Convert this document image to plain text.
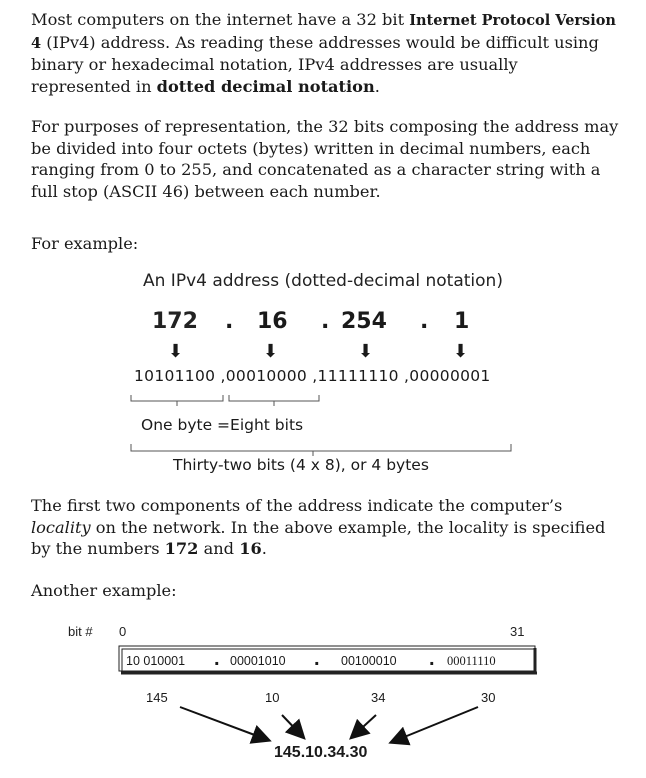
Most computers on the internet have a 32 bit Internet Protocol Version 4 (IPv4) address. As reading these addresses would be difficult using binary or hexadecimal notation, IPv4 addresses are usually represented in dotted decimal notation.

For purposes of representation, the 32 bits composing the address may be divided into four octets (bytes) written in decimal numbers, each ranging from 0 to 255, and concatenated as a character string with a full stop (ASCII 46) between each number.

For example:

An IPv4 address (dotted-decimal notation)
172 . 16 . 254 . 1
⬇	⬇	⬇	⬇
10101100 ,00010000 ,11111110 ,00000001
One byte =Eight bits
Thirty-two bits (4 x 8), or 4 bytes

The first two components of the address indicate the computer’s locality on the network. In the above example, the locality is specified by the numbers 172 and 16.

Another example:

bit # 0	31
10 010001 . 00001010 . 00100010 . 00011110
145	10	34	30
145.10.34.30
